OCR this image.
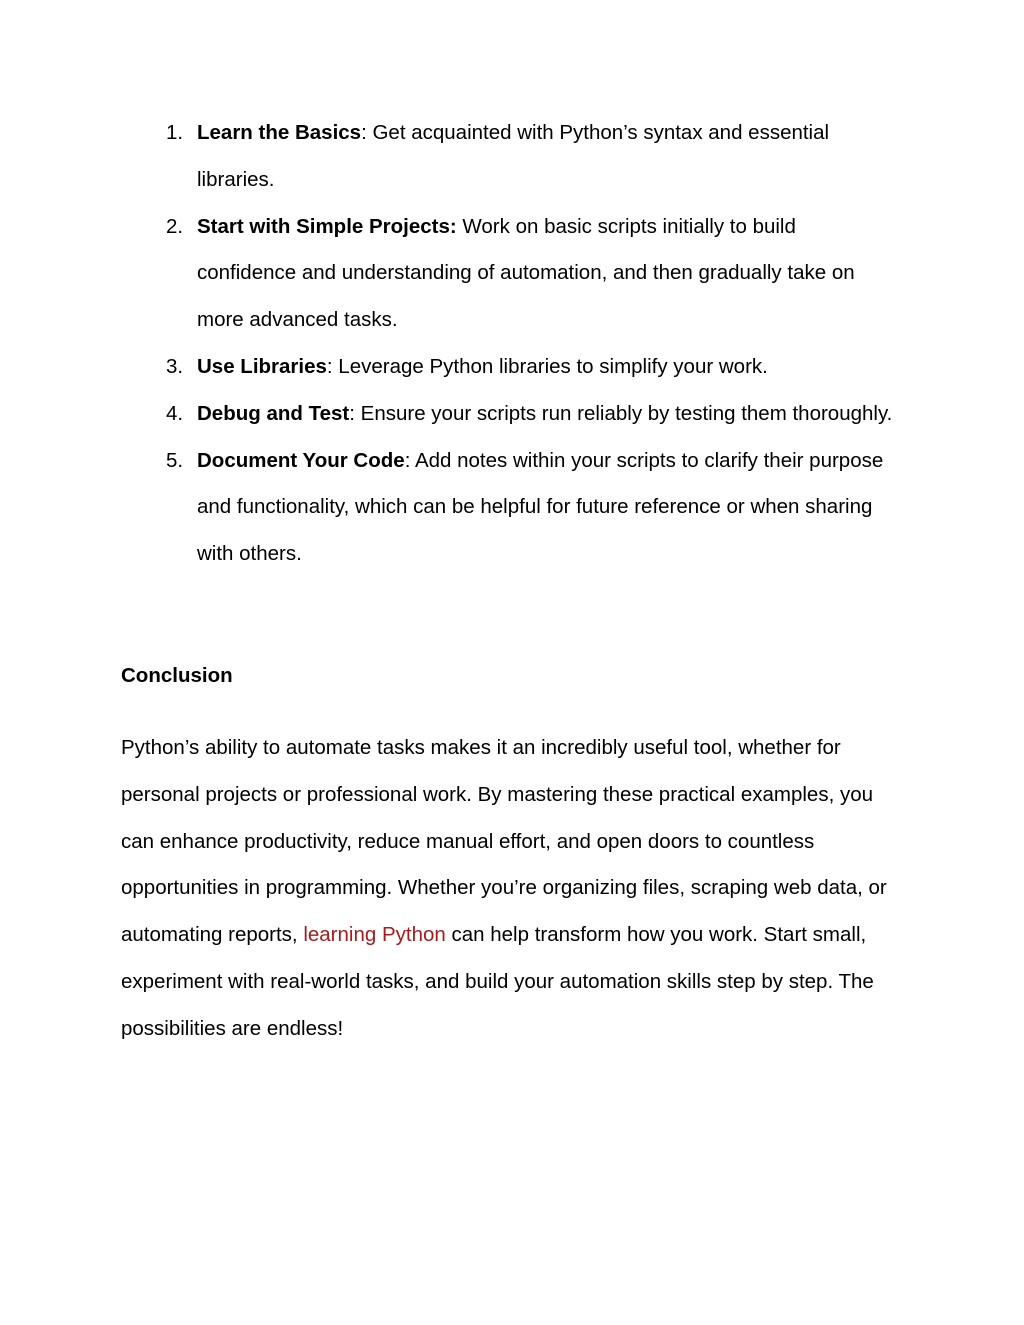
1. Learn the Basics: Get acquainted with Python’s syntax and essential libraries.
2. Start with Simple Projects: Work on basic scripts initially to build confidence and understanding of automation, and then gradually take on more advanced tasks.
3. Use Libraries: Leverage Python libraries to simplify your work.
4. Debug and Test: Ensure your scripts run reliably by testing them thoroughly.
5. Document Your Code: Add notes within your scripts to clarify their purpose and functionality, which can be helpful for future reference or when sharing with others.
Conclusion

Python’s ability to automate tasks makes it an incredibly useful tool, whether for personal projects or professional work. By mastering these practical examples, you can enhance productivity, reduce manual effort, and open doors to countless opportunities in programming. Whether you’re organizing files, scraping web data, or automating reports, learning Python can help transform how you work. Start small, experiment with real-world tasks, and build your automation skills step by step. The possibilities are endless!
